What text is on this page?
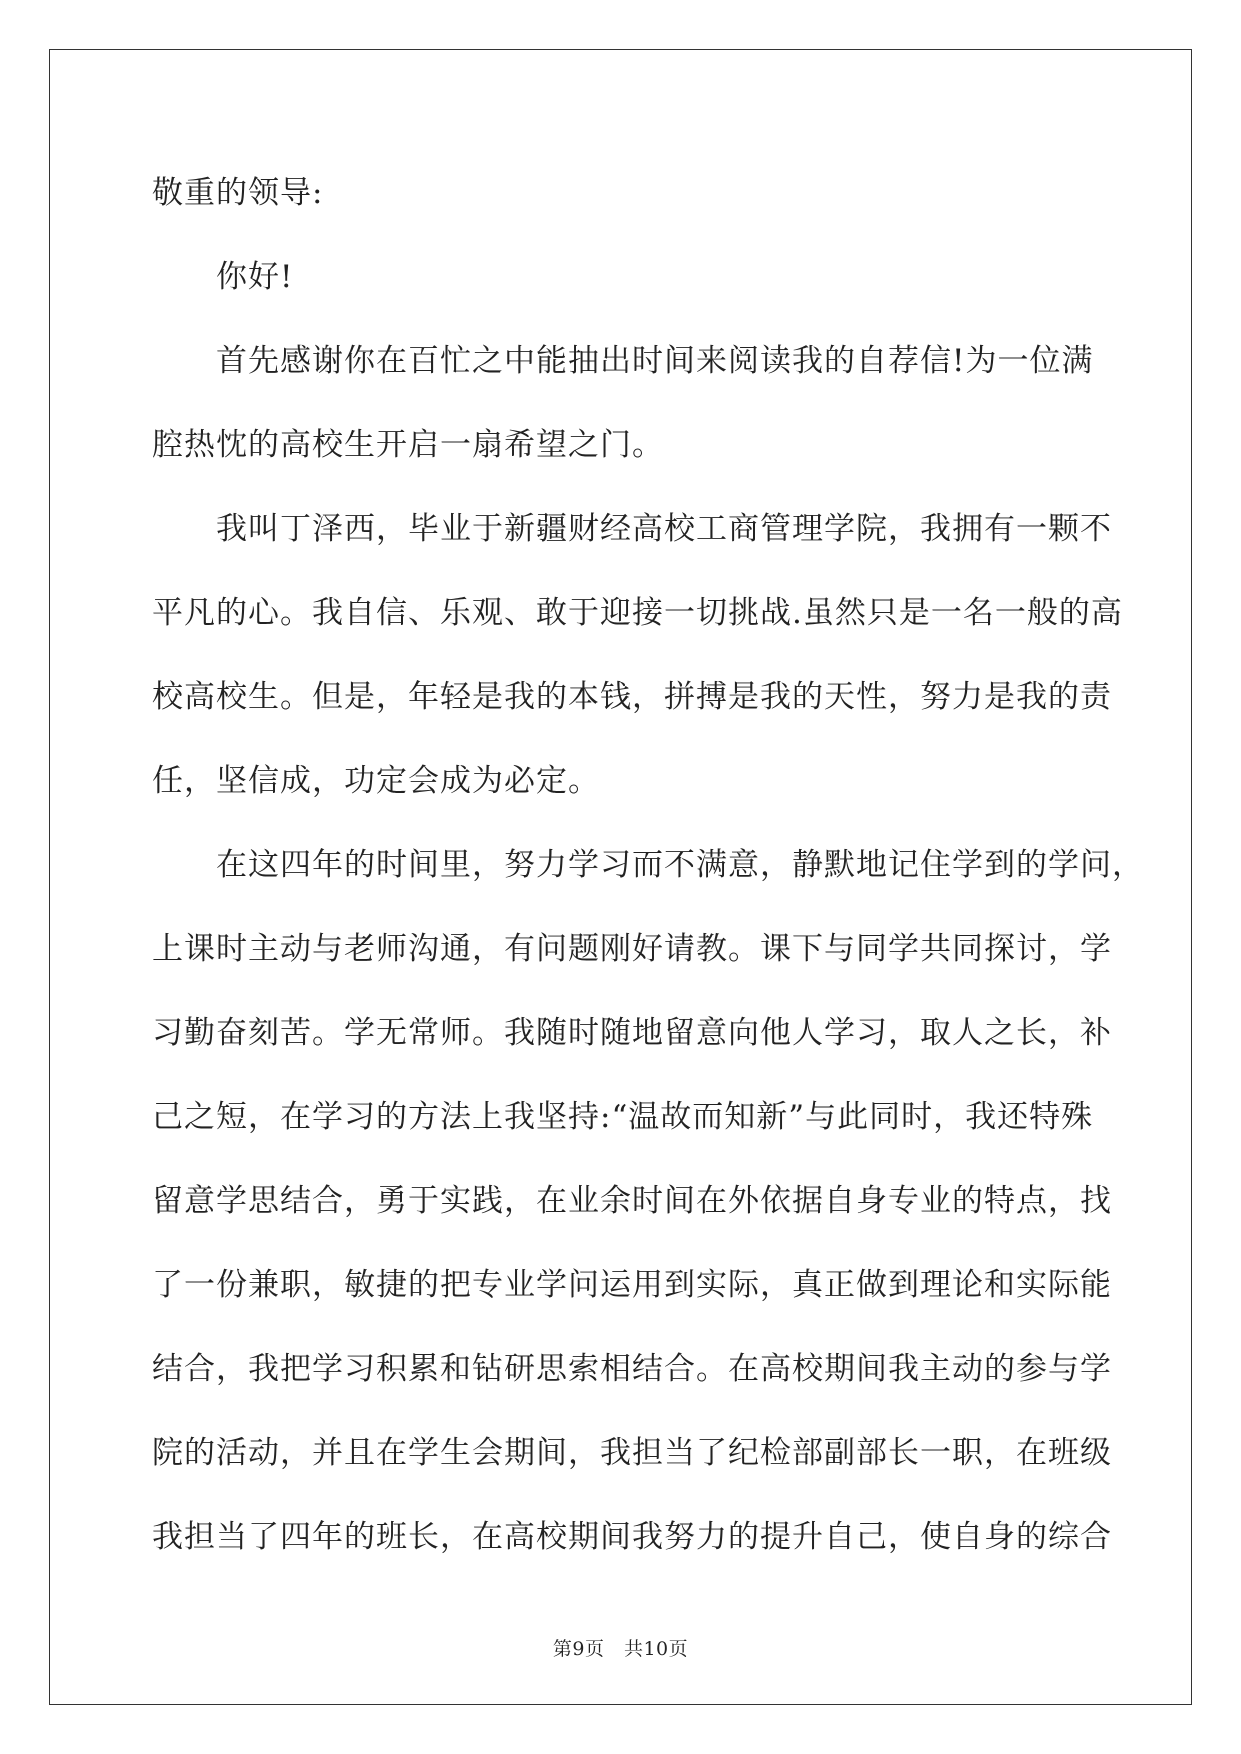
敬重的领导:
你好!
首先感谢你在百忙之中能抽出时间来阅读我的自荐信!为一位满
腔热忱的高校生开启一扇希望之门。
我叫丁泽西，毕业于新疆财经高校工商管理学院，我拥有一颗不
平凡的心。我自信、乐观、敢于迎接一切挑战.虽然只是一名一般的高
校高校生。但是，年轻是我的本钱，拼搏是我的天性，努力是我的责
任，坚信成，功定会成为必定。
在这四年的时间里，努力学习而不满意，静默地记住学到的学问，
上课时主动与老师沟通，有问题刚好请教。课下与同学共同探讨，学
习勤奋刻苦。学无常师。我随时随地留意向他人学习，取人之长，补
己之短，在学习的方法上我坚持:“温故而知新”与此同时，我还特殊
留意学思结合，勇于实践，在业余时间在外依据自身专业的特点，找
了一份兼职，敏捷的把专业学问运用到实际，真正做到理论和实际能
结合，我把学习积累和钻研思索相结合。在高校期间我主动的参与学
院的活动，并且在学生会期间，我担当了纪检部副部长一职，在班级
我担当了四年的班长，在高校期间我努力的提升自己，使自身的综合
第9页　共10页
